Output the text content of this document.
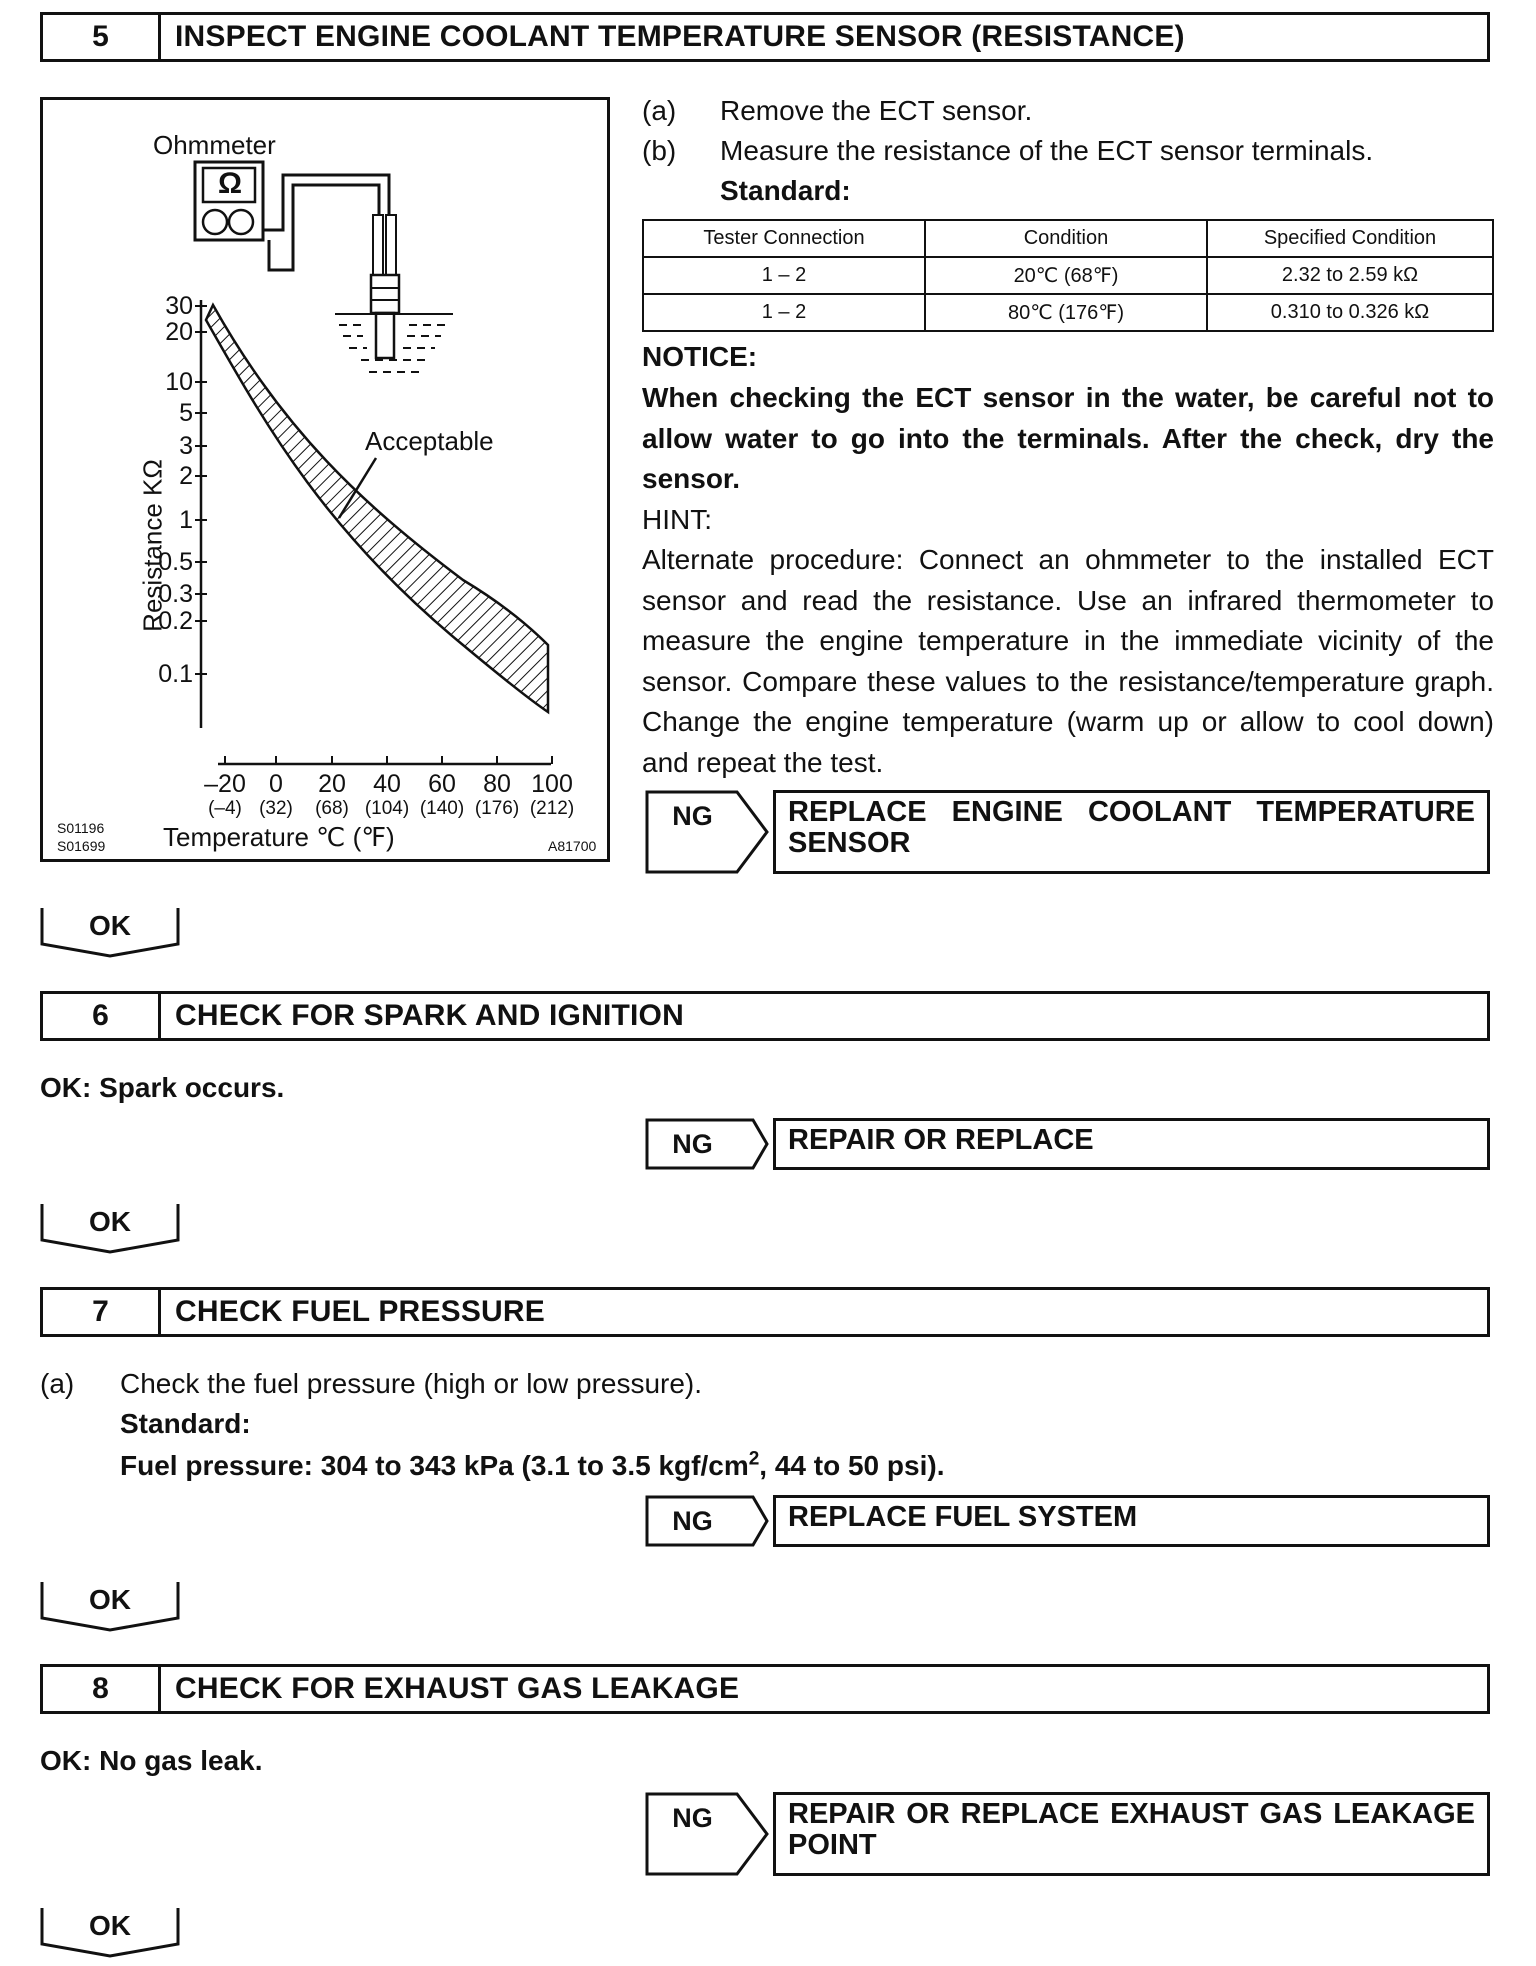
5	INSPECT ENGINE COOLANT TEMPERATURE SENSOR (RESISTANCE)
Ohmmeter
Ω
Acceptable
Resistance KΩ
30
20
10
5
3
2
1
0.5
0.3
0.2
0.1
–20
(–4)
0
(32)
20
(68)
40
(104)
60
(140)
80
(176)
100
(212)
S01196
S01699 Temperature ℃ (℉)	A81700
(a) Remove the ECT sensor.
(b) Measure the resistance of the ECT sensor terminals.
Standard:
Tester Connection	Condition	Specified Condition
1 – 2	20℃ (68℉)	2.32 to 2.59 kΩ
1 – 2	80℃ (176℉)	0.310 to 0.326 kΩ
NOTICE:
When checking the ECT sensor in the water, be careful not to allow water to go into the terminals. After the check, dry the sensor.
HINT:
Alternate procedure: Connect an ohmmeter to the installed ECT sensor and read the resistance. Use an infrared thermometer to measure the engine temperature in the immediate vicinity of the sensor. Compare these values to the resistance/temperature graph. Change the engine temperature (warm up or allow to cool down) and repeat the test.
NG	REPLACE ENGINE COOLANT TEMPERATURE SENSOR
OK
6	CHECK FOR SPARK AND IGNITION
OK: Spark occurs.
NG	REPAIR OR REPLACE
OK
7	CHECK FUEL PRESSURE
(a) Check the fuel pressure (high or low pressure).
Standard:
Fuel pressure: 304 to 343 kPa (3.1 to 3.5 kgf/$cm^2$, 44 to 50 psi).
NG	REPLACE FUEL SYSTEM
OK
8	CHECK FOR EXHAUST GAS LEAKAGE
OK: No gas leak.
NG	REPAIR OR REPLACE EXHAUST GAS LEAKAGE POINT
OK
